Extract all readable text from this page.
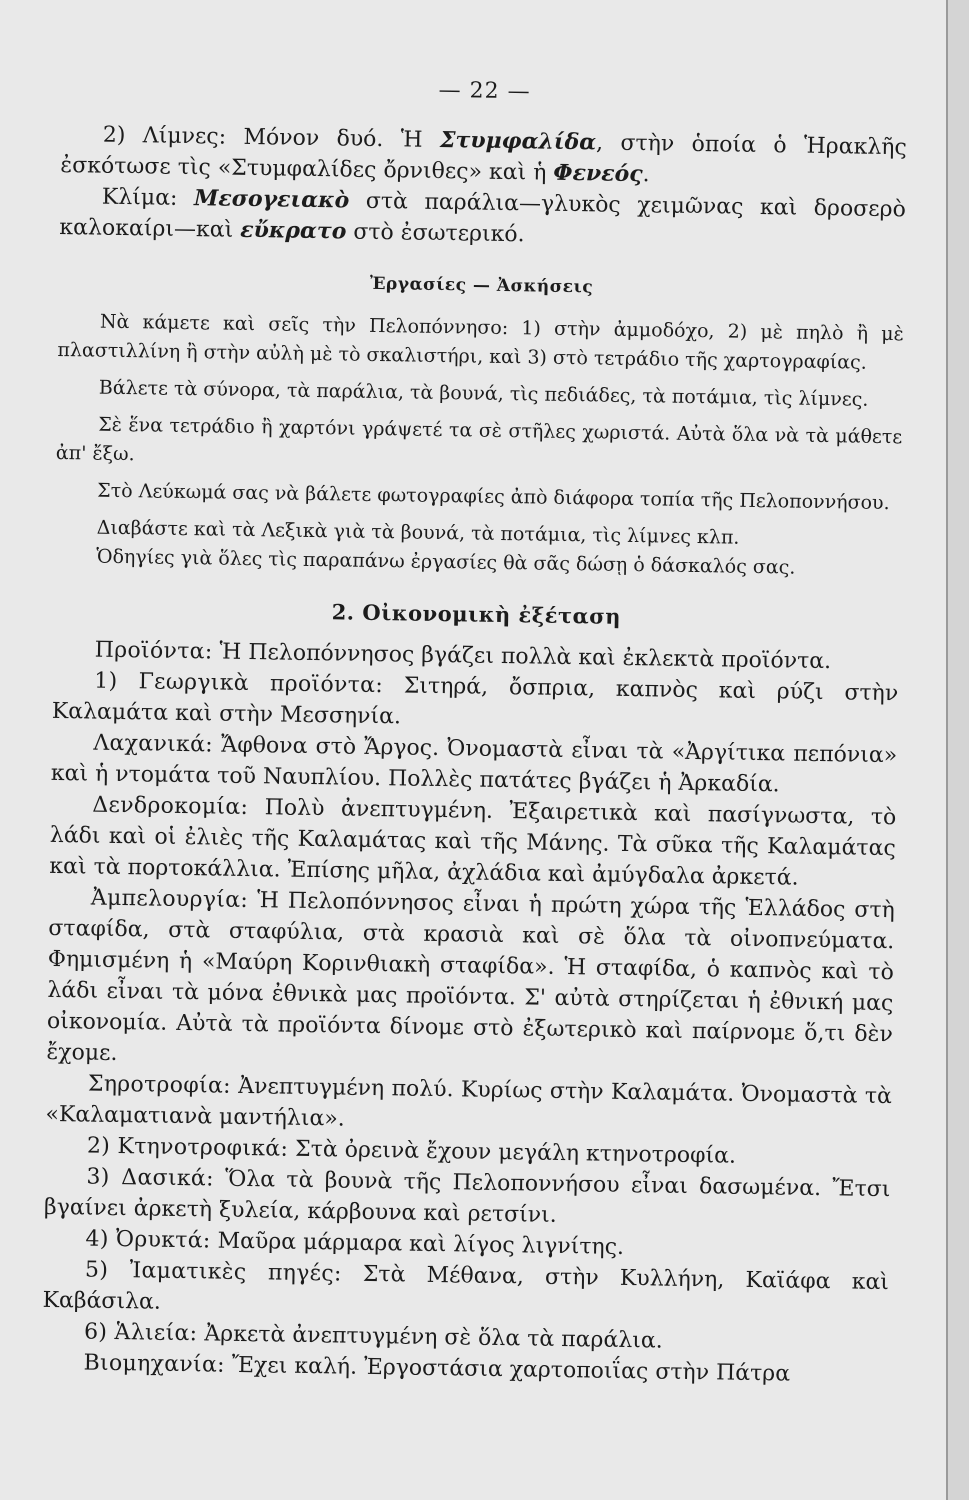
— 22 —

2) Λίμνες: Μόνον δυό. Ἡ Στυμφαλίδα, στὴν ὁποία ὁ Ἡρακλῆς ἐσκότωσε τὶς «Στυμφαλίδες ὄρνιθες» καὶ ἡ Φενεός.

Κλίμα: Μεσογειακὸ στὰ παράλια—γλυκὸς χειμῶνας καὶ δροσερὸ καλοκαίρι—καὶ εὔκρατο στὸ ἐσωτερικό.

Ἐργασίες — Ἀσκήσεις

Νὰ κάμετε καὶ σεῖς τὴν Πελοπόννησο: 1) στὴν ἀμμοδόχο, 2) μὲ πηλὸ ἢ μὲ πλαστιλλίνη ἢ στὴν αὐλὴ μὲ τὸ σκαλιστήρι, καὶ 3) στὸ τετράδιο τῆς χαρτογραφίας.

Βάλετε τὰ σύνορα, τὰ παράλια, τὰ βουνά, τὶς πεδιάδες, τὰ ποτάμια, τὶς λίμνες.

Σὲ ἕνα τετράδιο ἢ χαρτόνι γράψετέ τα σὲ στῆλες χωριστά. Αὐτὰ ὅλα νὰ τὰ μάθετε ἀπ' ἔξω.

Στὸ Λεύκωμά σας νὰ βάλετε φωτογραφίες ἀπὸ διάφορα τοπία τῆς Πελοποννήσου.

Διαβάστε καὶ τὰ Λεξικὰ γιὰ τὰ βουνά, τὰ ποτάμια, τὶς λίμνες κλπ.

Ὁδηγίες γιὰ ὅλες τὶς παραπάνω ἐργασίες θὰ σᾶς δώσῃ ὁ δάσκαλός σας.

2. Οἰκονομικὴ ἐξέταση

Προϊόντα: Ἡ Πελοπόννησος βγάζει πολλὰ καὶ ἐκλεκτὰ προϊόντα.

1) Γεωργικὰ προϊόντα: Σιτηρά, ὄσπρια, καπνὸς καὶ ρύζι στὴν Καλαμάτα καὶ στὴν Μεσσηνία.

Λαχανικά: Ἄφθονα στὸ Ἄργος. Ὀνομαστὰ εἶναι τὰ «Ἀργίτικα πεπόνια» καὶ ἡ ντομάτα τοῦ Ναυπλίου. Πολλὲς πατάτες βγάζει ἡ Ἀρκαδία.

Δενδροκομία: Πολὺ ἀνεπτυγμένη. Ἐξαιρετικὰ καὶ πασίγνωστα, τὸ λάδι καὶ οἱ ἐλιὲς τῆς Καλαμάτας καὶ τῆς Μάνης. Τὰ σῦκα τῆς Καλαμάτας καὶ τὰ πορτοκάλλια. Ἐπίσης μῆλα, ἀχλάδια καὶ ἀμύγδαλα ἀρκετά.

Ἀμπελουργία: Ἡ Πελοπόννησος εἶναι ἡ πρώτη χώρα τῆς Ἑλλάδος στὴ σταφίδα, στὰ σταφύλια, στὰ κρασιὰ καὶ σὲ ὅλα τὰ οἰνοπνεύματα. Φημισμένη ἡ «Μαύρη Κορινθιακὴ σταφίδα». Ἡ σταφίδα, ὁ καπνὸς καὶ τὸ λάδι εἶναι τὰ μόνα ἐθνικὰ μας προϊόντα. Σ' αὐτὰ στηρίζεται ἡ ἐθνική μας οἰκονομία. Αὐτὰ τὰ προϊόντα δίνομε στὸ ἐξωτερικὸ καὶ παίρνομε ὅ,τι δὲν ἔχομε.

Σηροτροφία: Ἀνεπτυγμένη πολύ. Κυρίως στὴν Καλαμάτα. Ὀνομαστὰ τὰ «Καλαματιανὰ μαντήλια».

2) Κτηνοτροφικά: Στὰ ὀρεινὰ ἔχουν μεγάλη κτηνοτροφία.

3) Δασικά: Ὅλα τὰ βουνὰ τῆς Πελοποννήσου εἶναι δασωμένα. Ἔτσι βγαίνει ἀρκετὴ ξυλεία, κάρβουνα καὶ ρετσίνι.

4) Ὀρυκτά: Μαῦρα μάρμαρα καὶ λίγος λιγνίτης.

5) Ἰαματικὲς πηγές: Στὰ Μέθανα, στὴν Κυλλήνη, Καϊάφα καὶ Καβάσιλα.

6) Ἁλιεία: Ἀρκετὰ ἀνεπτυγμένη σὲ ὅλα τὰ παράλια.

Βιομηχανία: Ἔχει καλή. Ἐργοστάσια χαρτοποιΐας στὴν Πάτρα
